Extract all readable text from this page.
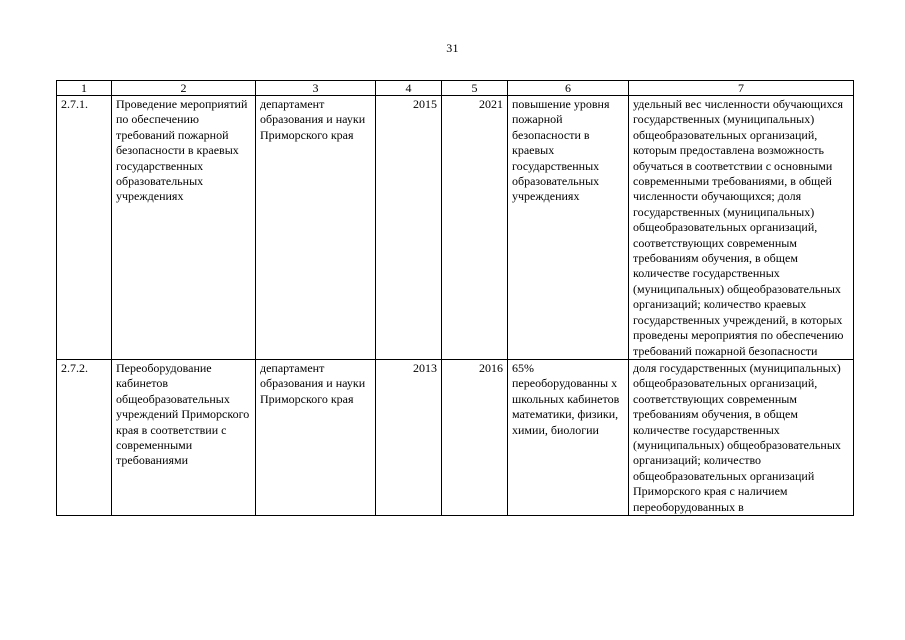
31
1	2	3	4	5	6	7
2.7.1.	Проведение мероприятий по обеспечению требований пожарной безопасности в краевых государственных образовательных учреждениях	департамент образования и науки Приморского края	2015	2021	повышение уровня пожарной безопасности в краевых государственных образовательных учреждениях	удельный вес численности обучающихся государственных (муниципальных) общеобразовательных организаций, которым предоставлена возможность обучаться в соответствии с основными современными требованиями, в общей численности обучающихся; доля государственных (муниципальных) общеобразовательных организаций, соответствующих современным требованиям обучения, в общем количестве государственных (муниципальных) общеобразовательных организаций; количество краевых государственных учреждений, в которых проведены мероприятия по обеспечению требований пожарной безопасности
2.7.2.	Переоборудование кабинетов общеобразовательных учреждений Приморского края в соответствии с современными требованиями	департамент образования и науки Приморского края	2013	2016	65% переоборудованны х школьных кабинетов математики, физики, химии, биологии	доля государственных (муниципальных) общеобразовательных организаций, соответствующих современным требованиям обучения, в общем количестве государственных (муниципальных) общеобразовательных организаций; количество общеобразовательных организаций Приморского края с наличием переоборудованных в
